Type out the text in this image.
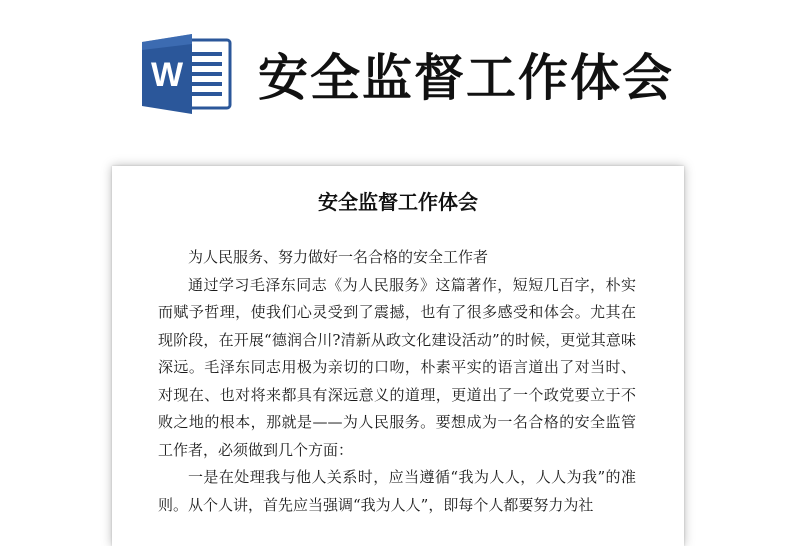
W 安全监督工作体会
安全监督工作体会

为人民服务、努力做好一名合格的安全工作者

通过学习毛泽东同志《为人民服务》这篇著作，短短几百字，朴实而赋予哲理，使我们心灵受到了震撼，也有了很多感受和体会。尤其在现阶段，在开展“德润合川?清新从政文化建设活动”的时候，更觉其意味深远。毛泽东同志用极为亲切的口吻，朴素平实的语言道出了对当时、对现在、也对将来都具有深远意义的道理，更道出了一个政党要立于不败之地的根本，那就是——为人民服务。要想成为一名合格的安全监管工作者，必须做到几个方面：

一是在处理我与他人关系时，应当遵循“我为人人，人人为我”的准则。从个人讲，首先应当强调“我为人人”，即每个人都要努力为社
